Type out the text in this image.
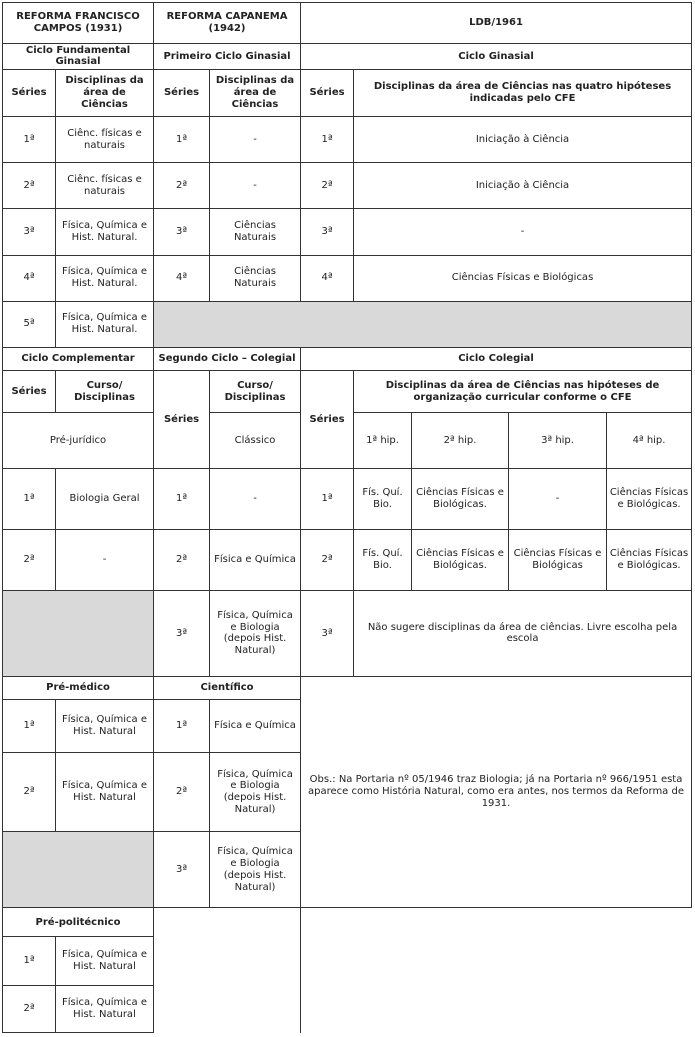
REFORMA FRANCISCO CAMPOS (1931)		REFORMA CAPANEMA (1942)		LDB/1961				
Ciclo Fundamental Ginasial		Primeiro Ciclo Ginasial		Ciclo Ginasial				
Séries	Disciplinas da área de Ciências	Séries	Disciplinas da área de Ciências	Séries	Disciplinas da área de Ciências nas quatro hipóteses indicadas pelo CFE			
1ª	Ciênc. físicas e naturais	1ª	-	1ª	Iniciação à Ciência			
2ª	Ciênc. físicas e naturais	2ª	-	2ª	Iniciação à Ciência			
3ª	Física, Química e Hist. Natural.	3ª	Ciências Naturais	3ª	-			
4ª	Física, Química e Hist. Natural.	4ª	Ciências Naturais	4ª	Ciências Físicas e Biológicas			
5ª	Física, Química e Hist. Natural.							
Ciclo Complementar		Segundo Ciclo – Colegial		Ciclo Colegial				
Séries	Curso/ Disciplinas	Séries	Curso/ Disciplinas	Séries	Disciplinas da área de Ciências nas hipóteses de organização curricular conforme o CFE			
Pré-jurídico			Clássico		1ª hip.	2ª hip.	3ª hip.	4ª hip.
1ª	Biologia Geral	1ª	-	1ª	Fís. Quí. Bio.	Ciências Físicas e Biológicas.	-	Ciências Físicas e Biológicas.
2ª	-	2ª	Física e Química	2ª	Fís. Quí. Bio.	Ciências Físicas e Biológicas.	Ciências Físicas e Biológicas	Ciências Físicas e Biológicas.
		3ª	Física, Química e Biologia (depois Hist. Natural)	3ª	Não sugere disciplinas da área de ciências. Livre escolha pela escola			
Pré-médico		Científico		Obs.: Na Portaria nº 05/1946 traz Biologia; já na Portaria nº 966/1951 esta aparece como História Natural, como era antes, nos termos da Reforma de 1931.				
1ª	Física, Química e Hist. Natural	1ª	Física e Química					
2ª	Física, Química e Hist. Natural	2ª	Física, Química e Biologia (depois Hist. Natural)					
		3ª	Física, Química e Biologia (depois Hist. Natural)					
Pré-politécnico								
1ª	Física, Química e Hist. Natural							
2ª	Física, Química e Hist. Natural							
